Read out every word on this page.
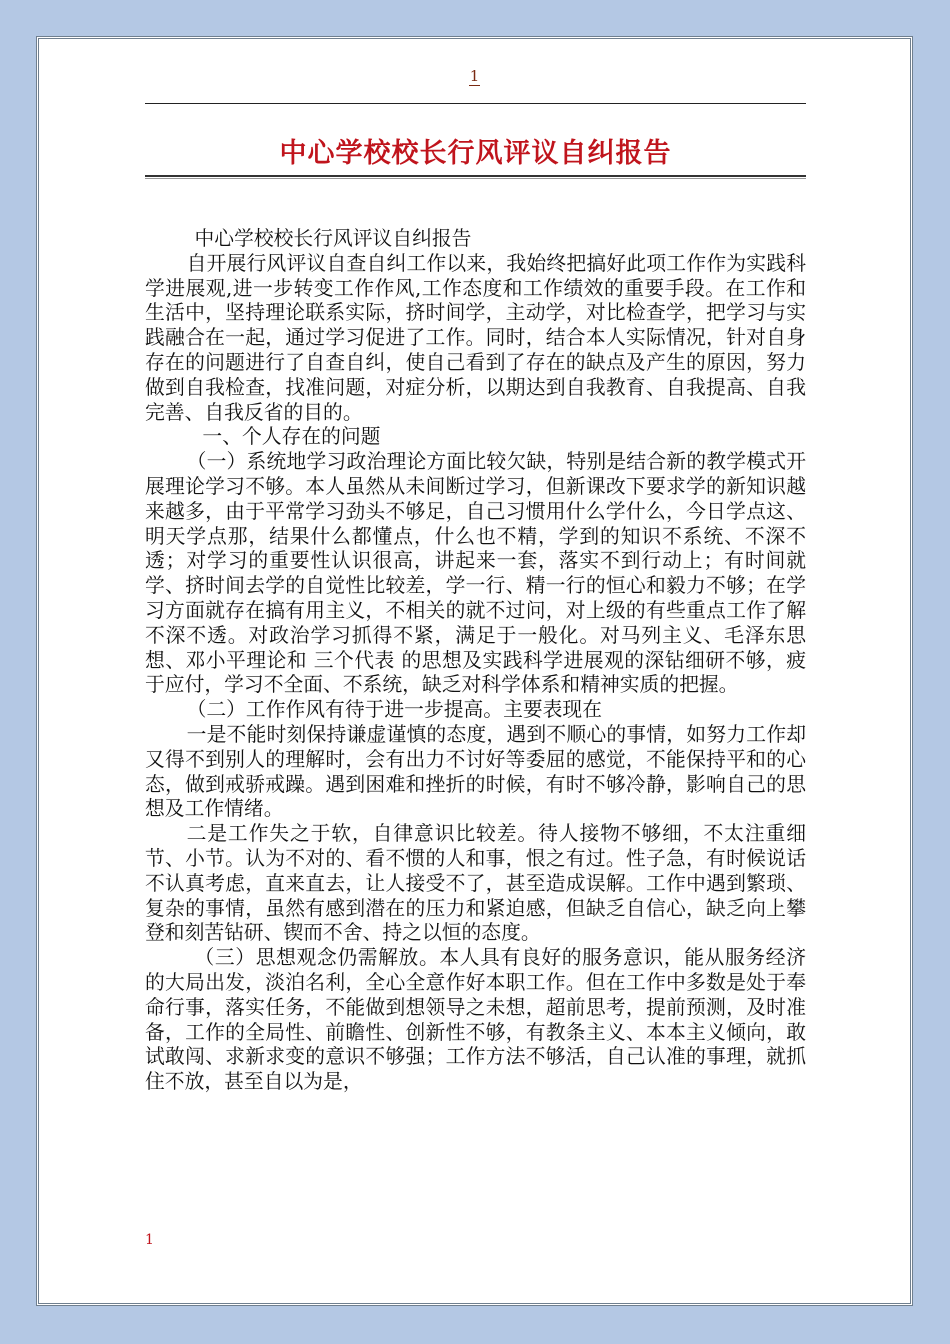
1
中心学校校长行风评议自纠报告

中心学校校长行风评议自纠报告

自开展行风评议自查自纠工作以来，我始终把搞好此项工作作为实践科学进展观,进一步转变工作作风,工作态度和工作绩效的重要手段。在工作和生活中，坚持理论联系实际，挤时间学，主动学，对比检查学，把学习与实践融合在一起，通过学习促进了工作。同时，结合本人实际情况，针对自身存在的问题进行了自查自纠，使自己看到了存在的缺点及产生的原因，努力做到自我检查，找准问题，对症分析，以期达到自我教育、自我提高、自我完善、自我反省的目的。

一、个人存在的问题

（一）系统地学习政治理论方面比较欠缺，特别是结合新的教学模式开展理论学习不够。本人虽然从未间断过学习，但新课改下要求学的新知识越来越多，由于平常学习劲头不够足，自己习惯用什么学什么，今日学点这、明天学点那，结果什么都懂点，什么也不精，学到的知识不系统、不深不透；对学习的重要性认识很高，讲起来一套，落实不到行动上；有时间就学、挤时间去学的自觉性比较差，学一行、精一行的恒心和毅力不够；在学习方面就存在搞有用主义，不相关的就不过问，对上级的有些重点工作了解不深不透。对政治学习抓得不紧，满足于一般化。对马列主义、毛泽东思想、邓小平理论和 三个代表 的思想及实践科学进展观的深钻细研不够，疲于应付，学习不全面、不系统，缺乏对科学体系和精神实质的把握。

（二）工作作风有待于进一步提高。主要表现在

一是不能时刻保持谦虚谨慎的态度，遇到不顺心的事情，如努力工作却又得不到别人的理解时，会有出力不讨好等委屈的感觉，不能保持平和的心态，做到戒骄戒躁。遇到困难和挫折的时候，有时不够冷静，影响自己的思想及工作情绪。

二是工作失之于软，自律意识比较差。待人接物不够细，不太注重细节、小节。认为不对的、看不惯的人和事，恨之有过。性子急，有时候说话不认真考虑，直来直去，让人接受不了，甚至造成误解。工作中遇到繁琐、复杂的事情，虽然有感到潜在的压力和紧迫感，但缺乏自信心，缺乏向上攀登和刻苦钻研、锲而不舍、持之以恒的态度。

（三）思想观念仍需解放。本人具有良好的服务意识，能从服务经济的大局出发，淡泊名利，全心全意作好本职工作。但在工作中多数是处于奉命行事，落实任务，不能做到想领导之未想，超前思考，提前预测，及时准备，工作的全局性、前瞻性、创新性不够，有教条主义、本本主义倾向，敢试敢闯、求新求变的意识不够强；工作方法不够活，自己认准的事理，就抓住不放，甚至自以为是，

1
